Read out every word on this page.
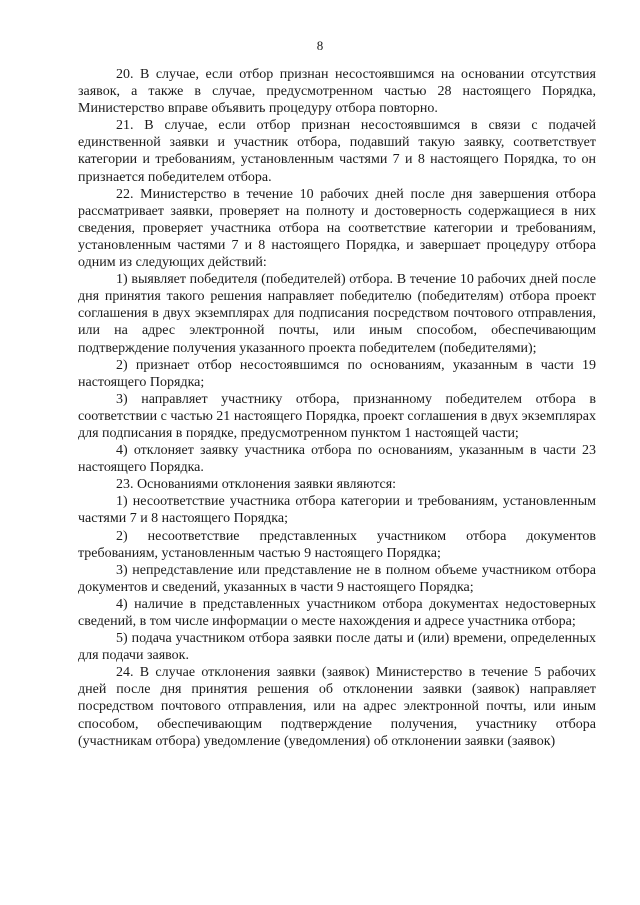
8

20. В случае, если отбор признан несостоявшимся на основании отсутствия заявок, а также в случае, предусмотренном частью 28 настоящего Порядка, Министерство вправе объявить процедуру отбора повторно.

21. В случае, если отбор признан несостоявшимся в связи с подачей единственной заявки и участник отбора, подавший такую заявку, соответствует категории и требованиям, установленным частями 7 и 8 настоящего Порядка, то он признается победителем отбора.

22. Министерство в течение 10 рабочих дней после дня завершения отбора рассматривает заявки, проверяет на полноту и достоверность содержащиеся в них сведения, проверяет участника отбора на соответствие категории и требованиям, установленным частями 7 и 8 настоящего Порядка, и завершает процедуру отбора одним из следующих действий:

1) выявляет победителя (победителей) отбора. В течение 10 рабочих дней после дня принятия такого решения направляет победителю (победителям) отбора проект соглашения в двух экземплярах для подписания посредством почтового отправления, или на адрес электронной почты, или иным способом, обеспечивающим подтверждение получения указанного проекта победителем (победителями);

2) признает отбор несостоявшимся по основаниям, указанным в части 19 настоящего Порядка;

3) направляет участнику отбора, признанному победителем отбора в соответствии с частью 21 настоящего Порядка, проект соглашения в двух экземплярах для подписания в порядке, предусмотренном пунктом 1 настоящей части;

4) отклоняет заявку участника отбора по основаниям, указанным в части 23 настоящего Порядка.

23. Основаниями отклонения заявки являются:

1) несоответствие участника отбора категории и требованиям, установленным частями 7 и 8 настоящего Порядка;

2) несоответствие представленных участником отбора документов требованиям, установленным частью 9 настоящего Порядка;

3) непредставление или представление не в полном объеме участником отбора документов и сведений, указанных в части 9 настоящего Порядка;

4) наличие в представленных участником отбора документах недостоверных сведений, в том числе информации о месте нахождения и адресе участника отбора;

5) подача участником отбора заявки после даты и (или) времени, определенных для подачи заявок.

24. В случае отклонения заявки (заявок) Министерство в течение 5 рабочих дней после дня принятия решения об отклонении заявки (заявок) направляет посредством почтового отправления, или на адрес электронной почты, или иным способом, обеспечивающим подтверждение получения, участнику отбора (участникам отбора) уведомление (уведомления) об отклонении заявки (заявок)
